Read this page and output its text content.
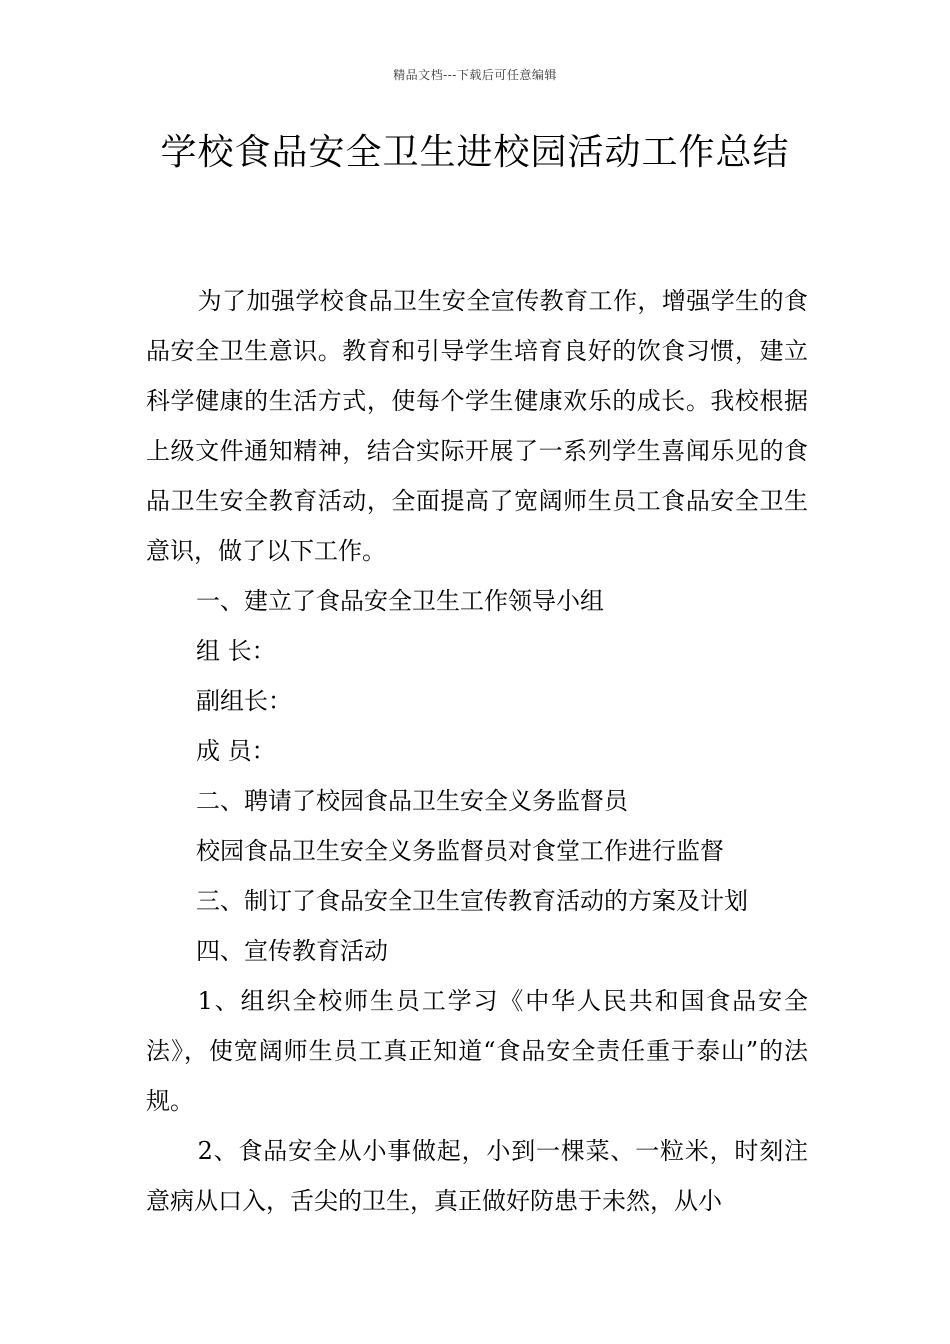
精品文档---下载后可任意编辑
学校食品安全卫生进校园活动工作总结

为了加强学校食品卫生安全宣传教育工作，增强学生的食品安全卫生意识。教育和引导学生培育良好的饮食习惯，建立科学健康的生活方式，使每个学生健康欢乐的成长。我校根据上级文件通知精神，结合实际开展了一系列学生喜闻乐见的食品卫生安全教育活动，全面提高了宽阔师生员工食品安全卫生意识，做了以下工作。

一、建立了食品安全卫生工作领导小组

组 长：

副组长：

成 员：

二、聘请了校园食品卫生安全义务监督员

校园食品卫生安全义务监督员对食堂工作进行监督

三、制订了食品安全卫生宣传教育活动的方案及计划

四、宣传教育活动

1、组织全校师生员工学习《中华人民共和国食品安全法》，使宽阔师生员工真正知道“食品安全责任重于泰山”的法规。

2、食品安全从小事做起，小到一棵菜、一粒米，时刻注意病从口入，舌尖的卫生，真正做好防患于未然，从小
